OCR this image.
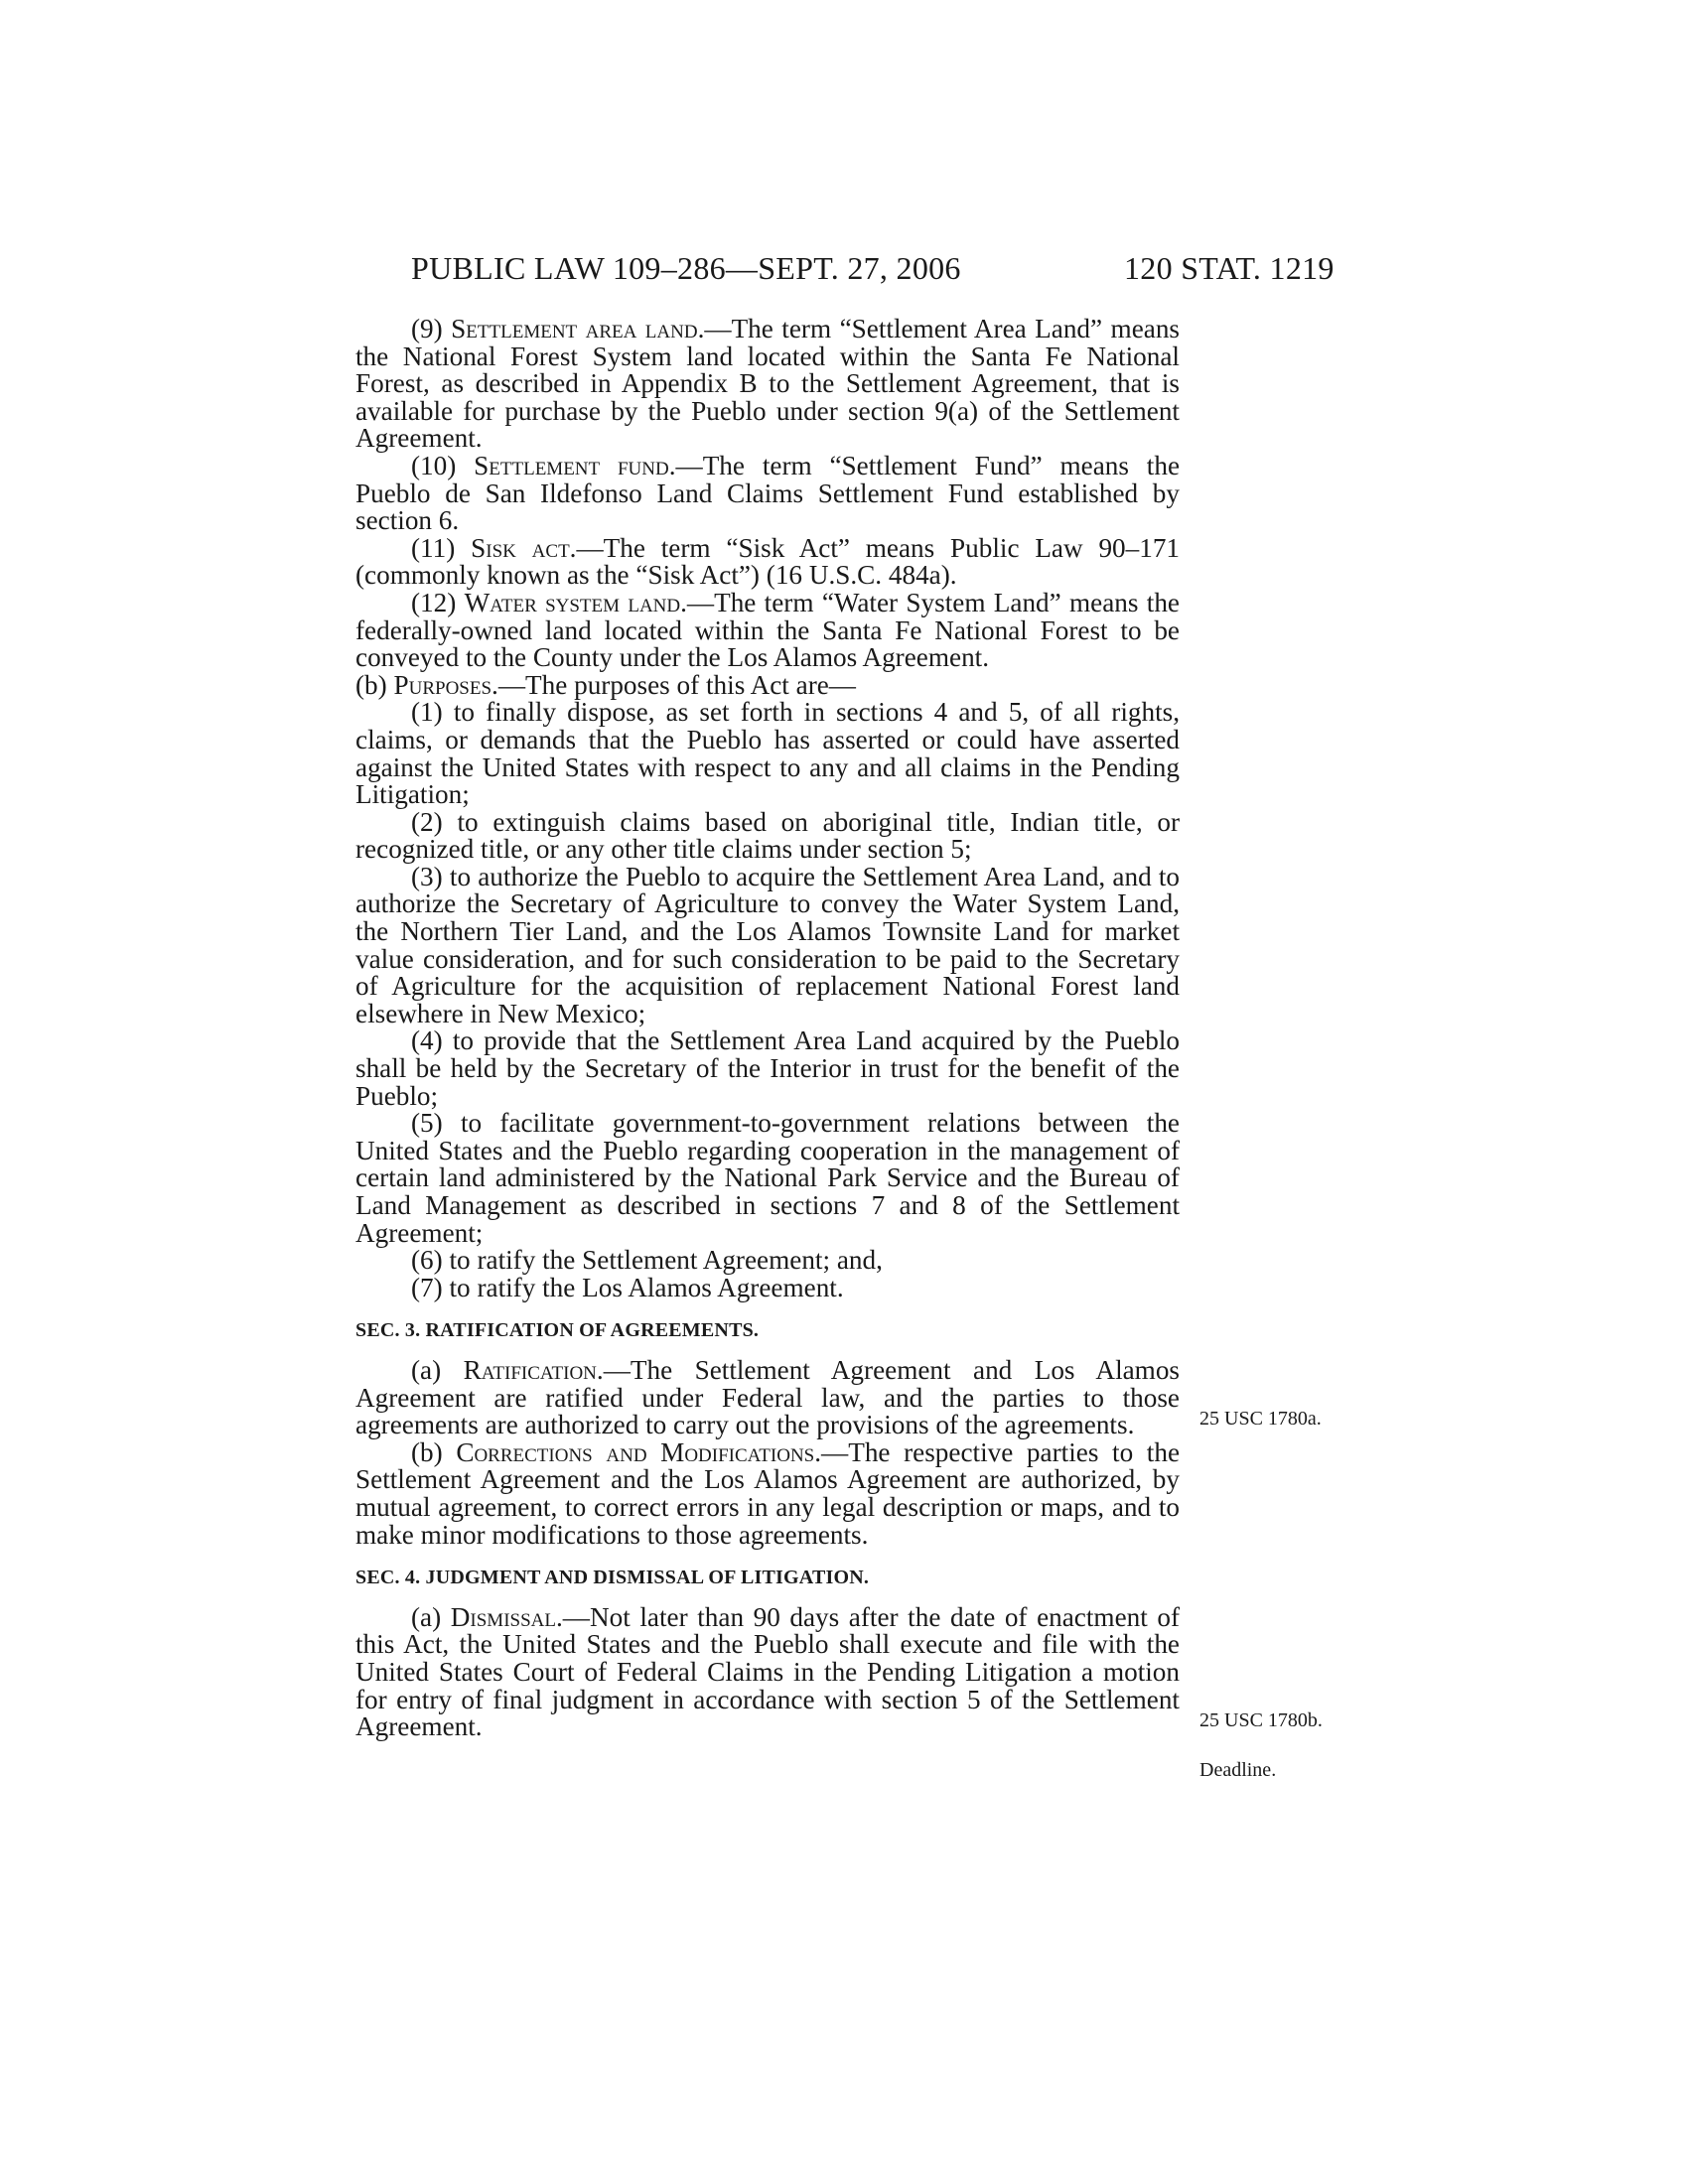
PUBLIC LAW 109–286—SEPT. 27, 2006	120 STAT. 1219

(9) Settlement area land.—The term “Settlement Area Land” means the National Forest System land located within the Santa Fe National Forest, as described in Appendix B to the Settlement Agreement, that is available for purchase by the Pueblo under section 9(a) of the Settlement Agreement.

(10) Settlement fund.—The term “Settlement Fund” means the Pueblo de San Ildefonso Land Claims Settlement Fund established by section 6.

(11) Sisk act.—The term “Sisk Act” means Public Law 90–171 (commonly known as the “Sisk Act”) (16 U.S.C. 484a).

(12) Water system land.—The term “Water System Land” means the federally-owned land located within the Santa Fe National Forest to be conveyed to the County under the Los Alamos Agreement.

(b) Purposes.—The purposes of this Act are—

(1) to finally dispose, as set forth in sections 4 and 5, of all rights, claims, or demands that the Pueblo has asserted or could have asserted against the United States with respect to any and all claims in the Pending Litigation;

(2) to extinguish claims based on aboriginal title, Indian title, or recognized title, or any other title claims under section 5;

(3) to authorize the Pueblo to acquire the Settlement Area Land, and to authorize the Secretary of Agriculture to convey the Water System Land, the Northern Tier Land, and the Los Alamos Townsite Land for market value consideration, and for such consideration to be paid to the Secretary of Agriculture for the acquisition of replacement National Forest land elsewhere in New Mexico;

(4) to provide that the Settlement Area Land acquired by the Pueblo shall be held by the Secretary of the Interior in trust for the benefit of the Pueblo;

(5) to facilitate government-to-government relations between the United States and the Pueblo regarding cooperation in the management of certain land administered by the National Park Service and the Bureau of Land Management as described in sections 7 and 8 of the Settlement Agreement;

(6) to ratify the Settlement Agreement; and,

(7) to ratify the Los Alamos Agreement.

SEC. 3. RATIFICATION OF AGREEMENTS.

(a) Ratification.—The Settlement Agreement and Los Alamos Agreement are ratified under Federal law, and the parties to those agreements are authorized to carry out the provisions of the agreements.

(b) Corrections and Modifications.—The respective parties to the Settlement Agreement and the Los Alamos Agreement are authorized, by mutual agreement, to correct errors in any legal description or maps, and to make minor modifications to those agreements.

SEC. 4. JUDGMENT AND DISMISSAL OF LITIGATION.

(a) Dismissal.—Not later than 90 days after the date of enactment of this Act, the United States and the Pueblo shall execute and file with the United States Court of Federal Claims in the Pending Litigation a motion for entry of final judgment in accordance with section 5 of the Settlement Agreement.

25 USC 1780a.
25 USC 1780b.
Deadline.
